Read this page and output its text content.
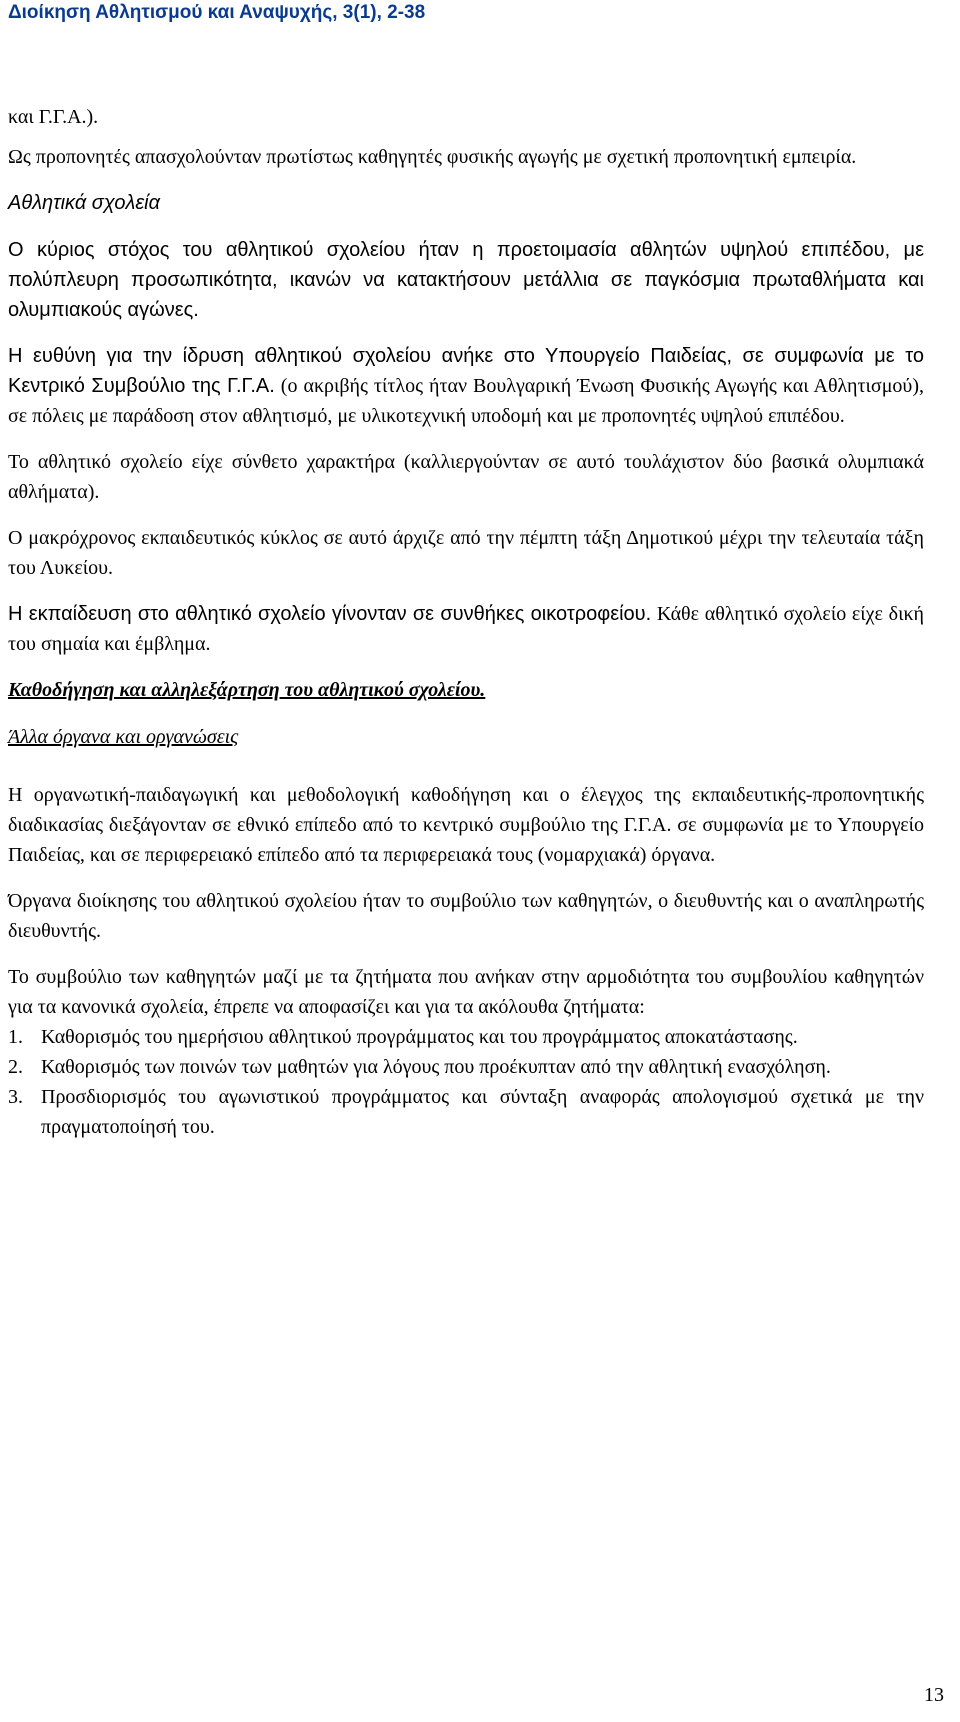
Διοίκηση Αθλητισμού και Αναψυχής, 3(1), 2-38

και Γ.Γ.Α.).

Ως προπονητές απασχολούνταν πρωτίστως καθηγητές φυσικής αγωγής με σχετική προπονητική εμπειρία.

Αθλητικά σχολεία

Ο κύριος στόχος του αθλητικού σχολείου ήταν η προετοιμασία αθλητών υψηλού επιπέδου, με πολύπλευρη προσωπικότητα, ικανών να κατακτήσουν μετάλλια σε παγκόσμια πρωταθλήματα και ολυμπιακούς αγώνες.

Η ευθύνη για την ίδρυση αθλητικού σχολείου ανήκε στο Υπουργείο Παιδείας, σε συμφωνία με το Κεντρικό Συμβούλιο της Γ.Γ.Α. (ο ακριβής τίτλος ήταν Βουλγαρική Ένωση Φυσικής Αγωγής και Αθλητισμού), σε πόλεις με παράδοση στον αθλητισμό, με υλικοτεχνική υποδομή και με προπονητές υψηλού επιπέδου.

Το αθλητικό σχολείο είχε σύνθετο χαρακτήρα (καλλιεργούνταν σε αυτό τουλάχιστον δύο βασικά ολυμπιακά αθλήματα).

Ο μακρόχρονος εκπαιδευτικός κύκλος σε αυτό άρχιζε από την πέμπτη τάξη Δημοτικού μέχρι την τελευταία τάξη του Λυκείου.

Η εκπαίδευση στο αθλητικό σχολείο γίνονταν σε συνθήκες οικοτροφείου. Κάθε αθλητικό σχολείο είχε δική του σημαία και έμβλημα.

Καθοδήγηση και αλληλεξάρτηση του αθλητικού σχολείου.
Άλλα όργανα και οργανώσεις

Η οργανωτική-παιδαγωγική και μεθοδολογική καθοδήγηση και ο έλεγχος της εκπαιδευτικής-προπονητικής διαδικασίας διεξάγονταν σε εθνικό επίπεδο από το κεντρικό συμβούλιο της Γ.Γ.Α. σε συμφωνία με το Υπουργείο Παιδείας, και σε περιφερειακό επίπεδο από τα περιφερειακά τους (νομαρχιακά) όργανα.

Όργανα διοίκησης του αθλητικού σχολείου ήταν το συμβούλιο των καθηγητών, ο διευθυντής και ο αναπληρωτής διευθυντής.

Το συμβούλιο των καθηγητών μαζί με τα ζητήματα που ανήκαν στην αρμοδιότητα του συμβουλίου καθηγητών για τα κανονικά σχολεία, έπρεπε να αποφασίζει και για τα ακόλουθα ζητήματα:

1. Καθορισμός του ημερήσιου αθλητικού προγράμματος και του προγράμματος αποκατάστασης.
2. Καθορισμός των ποινών των μαθητών για λόγους που προέκυπταν από την αθλητική ενασχόληση.
3. Προσδιορισμός του αγωνιστικού προγράμματος και σύνταξη αναφοράς απολογισμού σχετικά με την πραγματοποίησή του.
13
